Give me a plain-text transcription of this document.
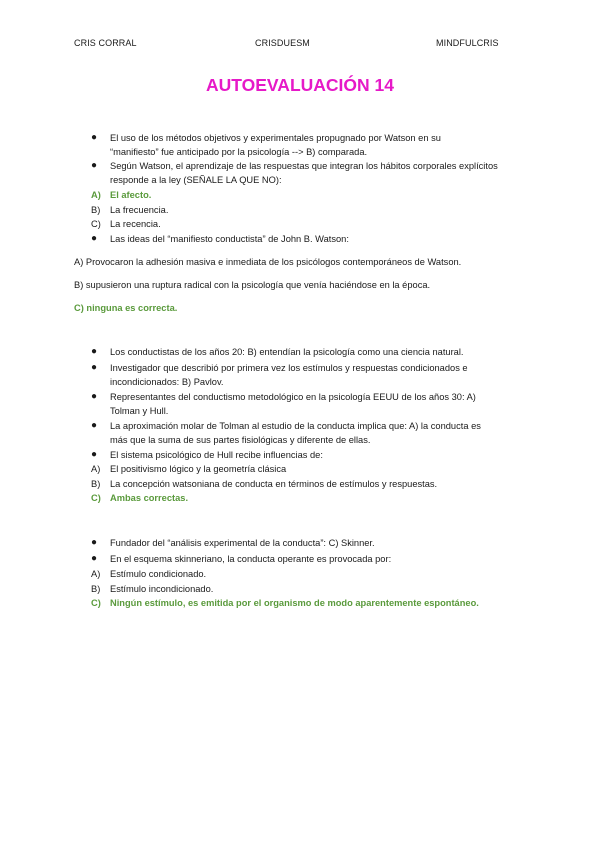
CRIS CORRAL	CRISDUESM	MINDFULCRIS
AUTOEVALUACIÓN 14
● El uso de los métodos objetivos y experimentales propugnado por Watson en su
“manifiesto” fue anticipado por la psicología --> B) comparada.
● Según Watson, el aprendizaje de las respuestas que integran los hábitos corporales explícitos
responde a la ley (SEÑALE LA QUE NO):
A) El afecto.
B) La frecuencia.
C) La recencia.
● Las ideas del “manifiesto conductista” de John B. Watson:
A) Provocaron la adhesión masiva e inmediata de los psicólogos contemporáneos de Watson.
B) supusieron una ruptura radical con la psicología que venía haciéndose en la época.
C) ninguna es correcta.
● Los conductistas de los años 20: B) entendían la psicología como una ciencia natural.
● Investigador que describió por primera vez los estímulos y respuestas condicionados e
incondicionados: B) Pavlov.
● Representantes del conductismo metodológico en la psicología EEUU de los años 30: A)
Tolman y Hull.
● La aproximación molar de Tolman al estudio de la conducta implica que: A) la conducta es
más que la suma de sus partes fisiológicas y diferente de ellas.
● El sistema psicológico de Hull recibe influencias de:
A) El positivismo lógico y la geometría clásica
B) La concepción watsoniana de conducta en términos de estímulos y respuestas.
C) Ambas correctas.
● Fundador del “análisis experimental de la conducta”: C) Skinner.
● En el esquema skinneriano, la conducta operante es provocada por:
A) Estímulo condicionado.
B) Estímulo incondicionado.
C) Ningún estímulo, es emitida por el organismo de modo aparentemente espontáneo.
